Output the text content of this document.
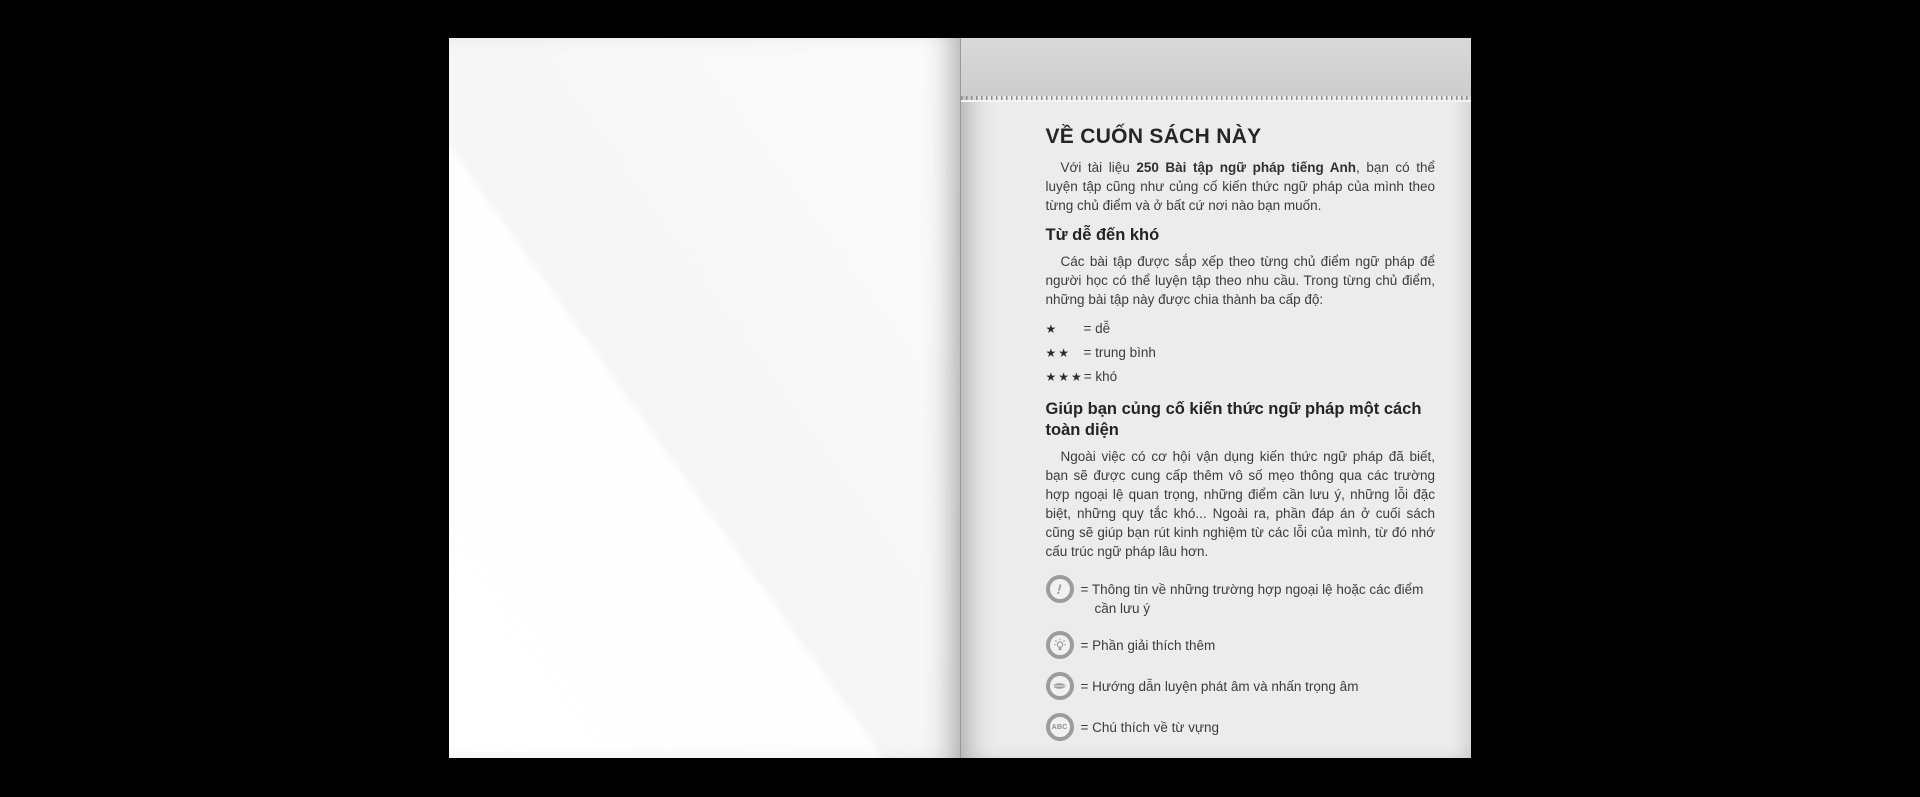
VỀ CUỐN SÁCH NÀY

Với tài liệu 250 Bài tập ngữ pháp tiếng Anh, bạn có thể luyện tập cũng như củng cố kiến thức ngữ pháp của mình theo từng chủ điểm và ở bất cứ nơi nào bạn muốn.

Từ dễ đến khó

Các bài tập được sắp xếp theo từng chủ điểm ngữ pháp để người học có thể luyện tập theo nhu cầu. Trong từng chủ điểm, những bài tập này được chia thành ba cấp độ:

★	= dễ
★★ = trung bình
★★★ = khó
Giúp bạn củng cố kiến thức ngữ pháp một cách toàn diện

Ngoài việc có cơ hội vận dụng kiến thức ngữ pháp đã biết, bạn sẽ được cung cấp thêm vô số mẹo thông qua các trường hợp ngoại lệ quan trọng, những điểm cần lưu ý, những lỗi đặc biệt, những quy tắc khó... Ngoài ra, phần đáp án ở cuối sách cũng sẽ giúp bạn rút kinh nghiệm từ các lỗi của mình, từ đó nhớ cấu trúc ngữ pháp lâu hơn.

! = Thông tin về những trường hợp ngoại lệ hoặc các điểm cần lưu ý
= Phần giải thích thêm
= Hướng dẫn luyện phát âm và nhấn trọng âm
ABC = Chú thích về từ vựng
